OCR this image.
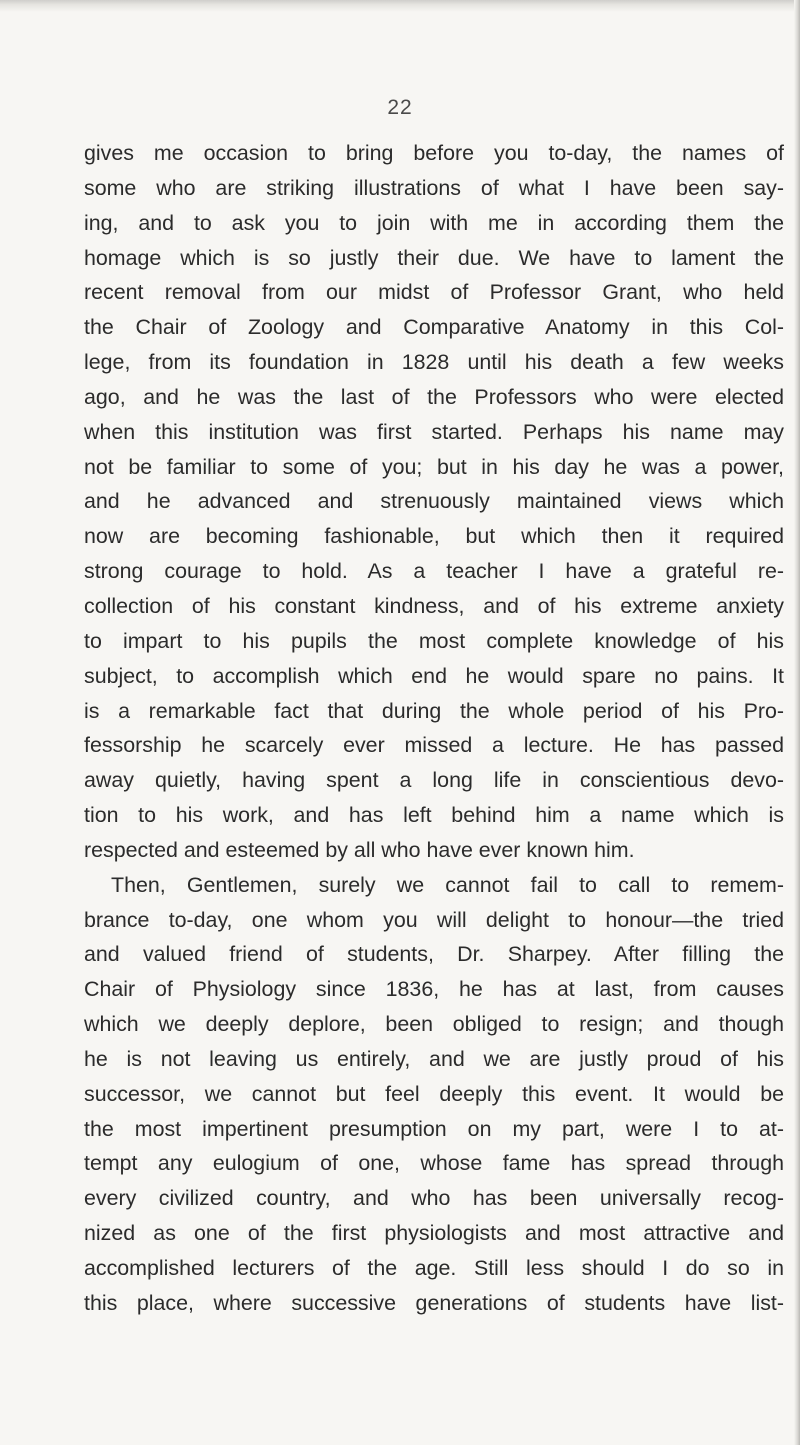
22
gives me occasion to bring before you to-day, the names of
some who are striking illustrations of what I have been say-
ing, and to ask you to join with me in according them the
homage which is so justly their due. We have to lament the
recent removal from our midst of Professor Grant, who held
the Chair of Zoology and Comparative Anatomy in this Col-
lege, from its foundation in 1828 until his death a few weeks
ago, and he was the last of the Professors who were elected
when this institution was first started. Perhaps his name may
not be familiar to some of you; but in his day he was a power,
and he advanced and strenuously maintained views which
now are becoming fashionable, but which then it required
strong courage to hold. As a teacher I have a grateful re-
collection of his constant kindness, and of his extreme anxiety
to impart to his pupils the most complete knowledge of his
subject, to accomplish which end he would spare no pains. It
is a remarkable fact that during the whole period of his Pro-
fessorship he scarcely ever missed a lecture. He has passed
away quietly, having spent a long life in conscientious devo-
tion to his work, and has left behind him a name which is
respected and esteemed by all who have ever known him.
Then, Gentlemen, surely we cannot fail to call to remem-
brance to-day, one whom you will delight to honour—the tried
and valued friend of students, Dr. Sharpey. After filling the
Chair of Physiology since 1836, he has at last, from causes
which we deeply deplore, been obliged to resign; and though
he is not leaving us entirely, and we are justly proud of his
successor, we cannot but feel deeply this event. It would be
the most impertinent presumption on my part, were I to at-
tempt any eulogium of one, whose fame has spread through
every civilized country, and who has been universally recog-
nized as one of the first physiologists and most attractive and
accomplished lecturers of the age. Still less should I do so in
this place, where successive generations of students have list-
